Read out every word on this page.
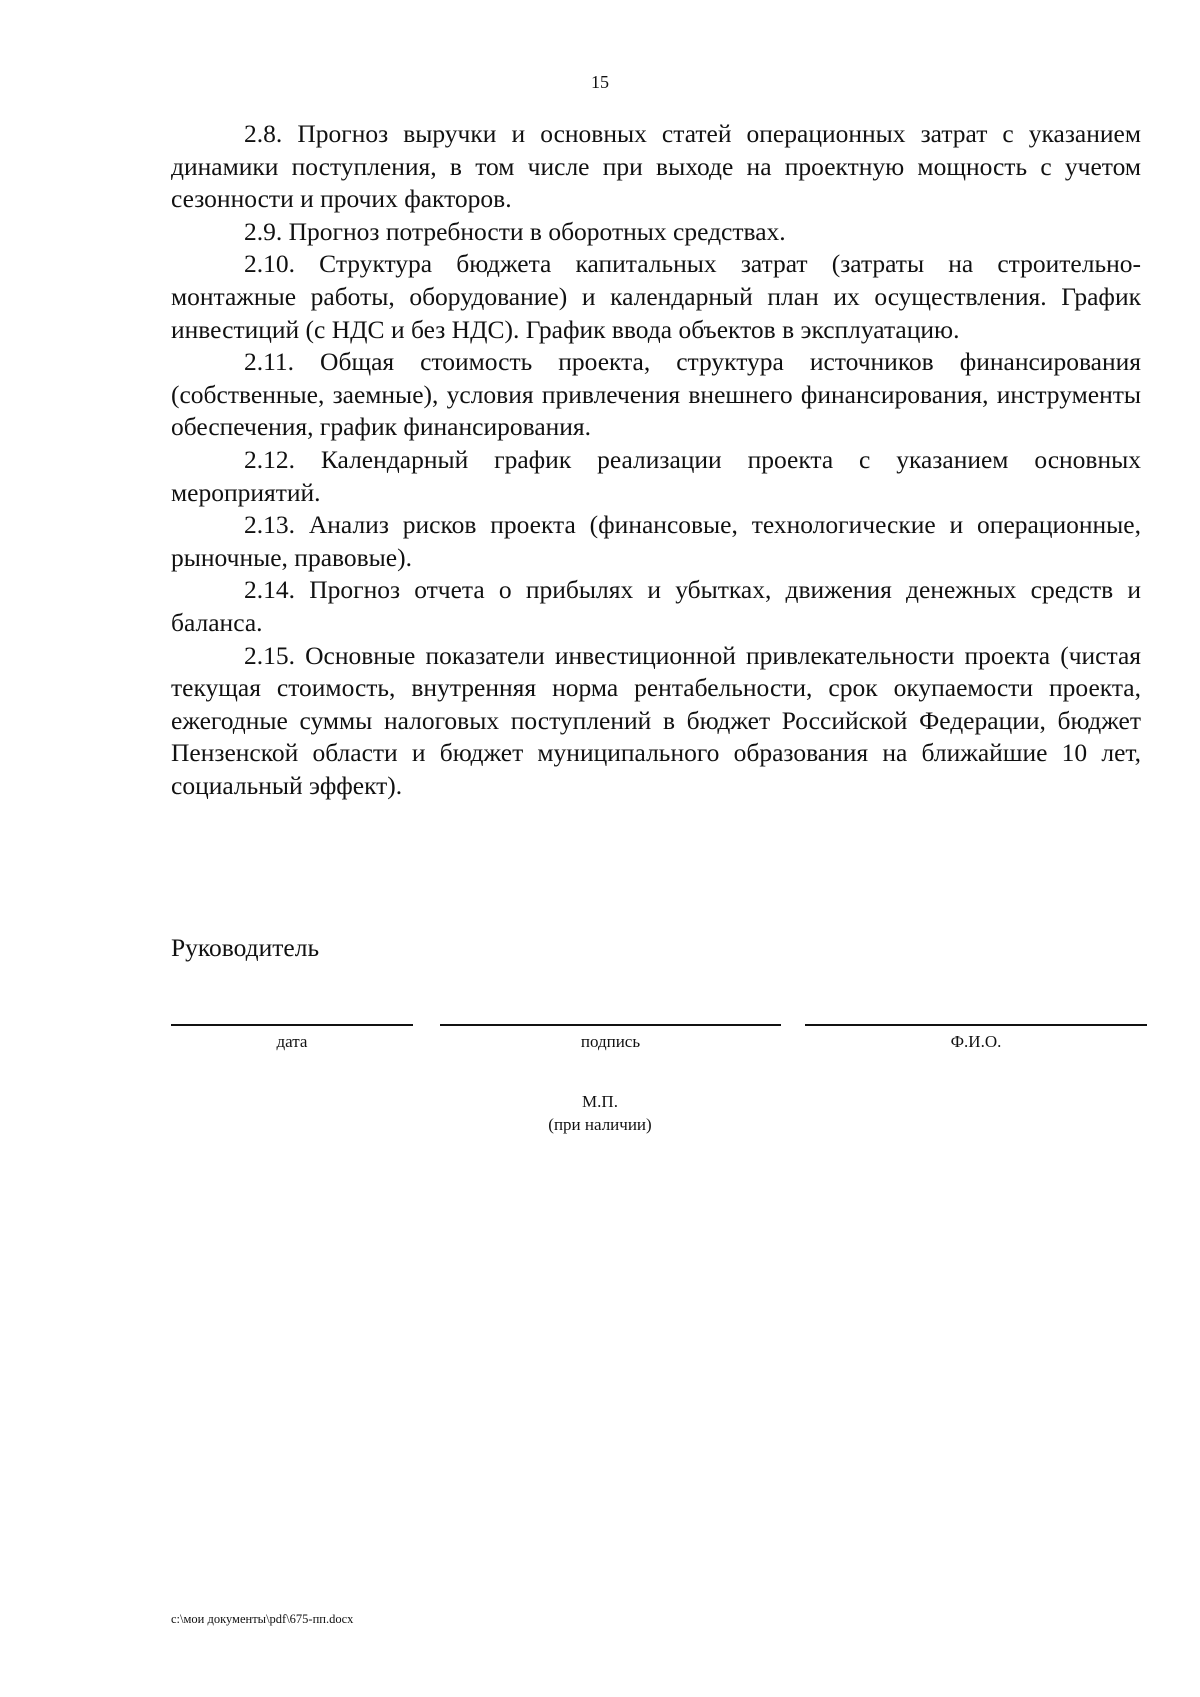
15

2.8. Прогноз выручки и основных статей операционных затрат с указанием динамики поступления, в том числе при выходе на проектную мощность с учетом сезонности и прочих факторов.

2.9. Прогноз потребности в оборотных средствах.

2.10. Структура бюджета капитальных затрат (затраты на строительно-монтажные работы, оборудование) и календарный план их осуществления. График инвестиций (с НДС и без НДС). График ввода объектов в эксплуатацию.

2.11. Общая стоимость проекта, структура источников финансирования (собственные, заемные), условия привлечения внешнего финансирования, инструменты обеспечения, график финансирования.

2.12. Календарный график реализации проекта с указанием основных мероприятий.

2.13. Анализ рисков проекта (финансовые, технологические и операционные, рыночные, правовые).

2.14. Прогноз отчета о прибылях и убытках, движения денежных средств и баланса.

2.15. Основные показатели инвестиционной привлекательности проекта (чистая текущая стоимость, внутренняя норма рентабельности, срок окупаемости проекта, ежегодные суммы налоговых поступлений в бюджет Российской Федерации, бюджет Пензенской области и бюджет муниципального образования на ближайшие 10 лет, социальный эффект).

Руководитель
дата	подпись	Ф.И.О.
М.П.
(при наличии)
c:\мои документы\pdf\675-пп.docx
